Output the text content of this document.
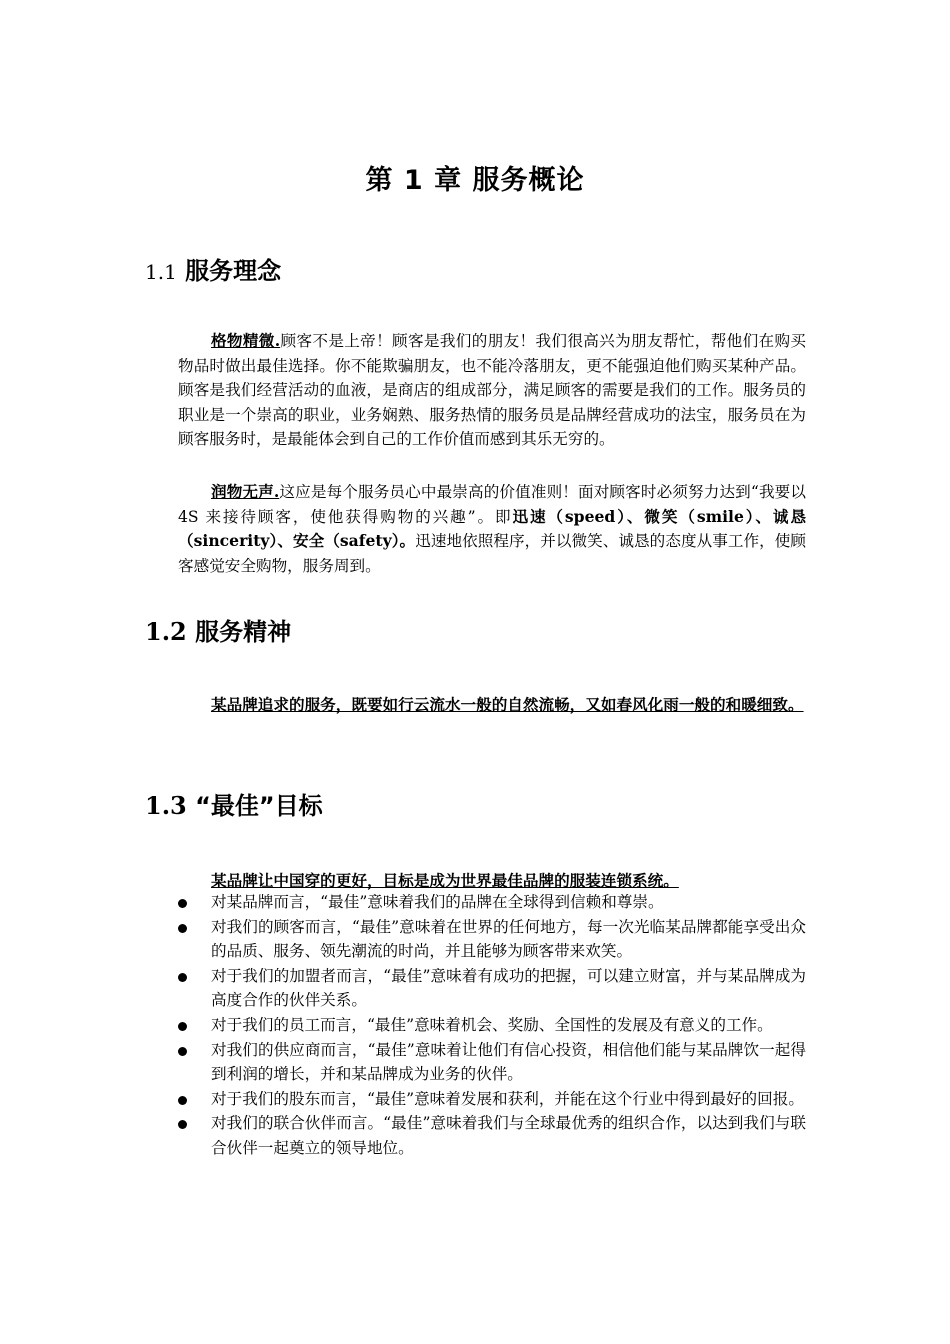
第 1 章 服务概论
1.1 服务理念
格物精微.顾客不是上帝！顾客是我们的朋友！我们很高兴为朋友帮忙，帮他们在购买物品时做出最佳选择。你不能欺骗朋友，也不能冷落朋友，更不能强迫他们购买某种产品。顾客是我们经营活动的血液，是商店的组成部分，满足顾客的需要是我们的工作。服务员的职业是一个崇高的职业，业务娴熟、服务热情的服务员是品牌经营成功的法宝，服务员在为顾客服务时，是最能体会到自己的工作价值而感到其乐无穷的。
润物无声.这应是每个服务员心中最崇高的价值准则！面对顾客时必须努力达到“我要以 4S 来接待顾客，使他获得购物的兴趣”。即迅速（speed）、微笑（smile）、诚恳（sincerity）、安全（safety）。迅速地依照程序，并以微笑、诚恳的态度从事工作，使顾客感觉安全购物，服务周到。
1.2 服务精神
某品牌追求的服务，既要如行云流水一般的自然流畅，又如春风化雨一般的和暖细致。
1.3 “最佳”目标
某品牌让中国穿的更好，目标是成为世界最佳品牌的服装连锁系统。
对某品牌而言，“最佳”意味着我们的品牌在全球得到信赖和尊崇。
对我们的顾客而言，“最佳”意味着在世界的任何地方，每一次光临某品牌都能享受出众的品质、服务、领先潮流的时尚，并且能够为顾客带来欢笑。
对于我们的加盟者而言，“最佳”意味着有成功的把握，可以建立财富，并与某品牌成为高度合作的伙伴关系。
对于我们的员工而言，“最佳”意味着机会、奖励、全国性的发展及有意义的工作。
对我们的供应商而言，“最佳”意味着让他们有信心投资，相信他们能与某品牌饮一起得到利润的增长，并和某品牌成为业务的伙伴。
对于我们的股东而言，“最佳”意味着发展和获利，并能在这个行业中得到最好的回报。
对我们的联合伙伴而言。“最佳”意味着我们与全球最优秀的组织合作，以达到我们与联合伙伴一起奠立的领导地位。
